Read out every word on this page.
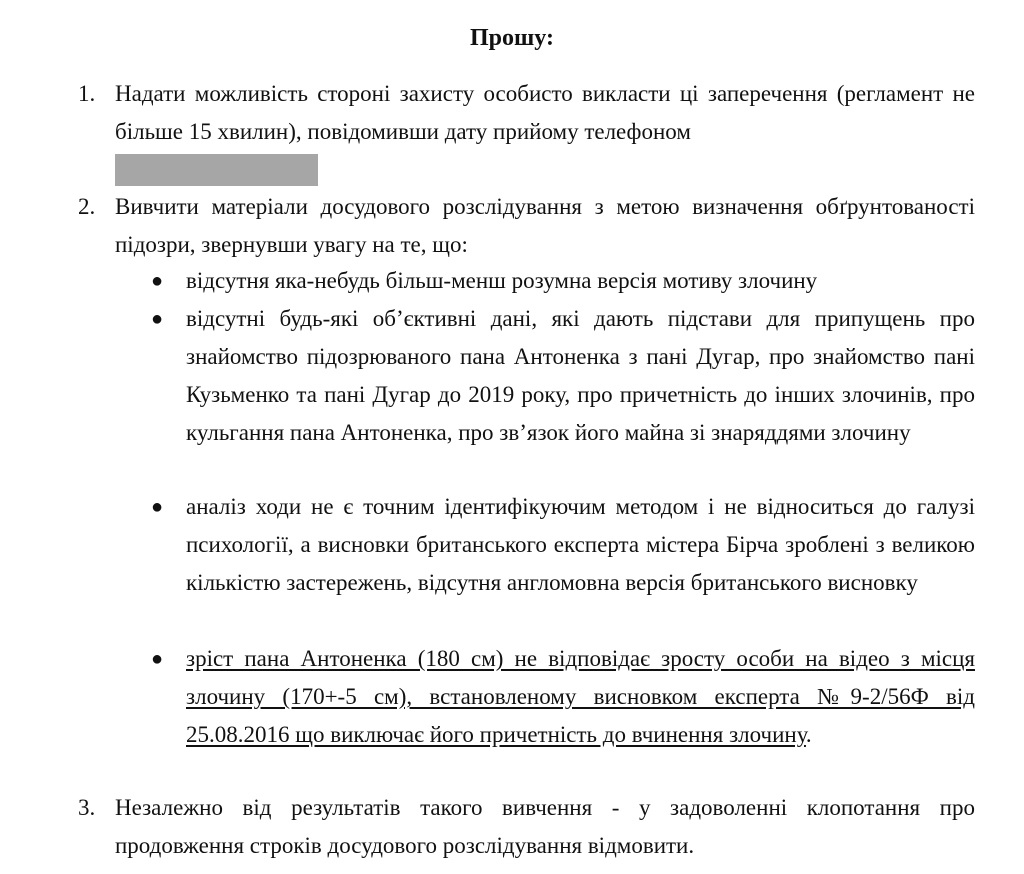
Прошу:
1. Надати можливість стороні захисту особисто викласти ці заперечення (регламент не більше 15 хвилин), повідомивши дату прийому телефоном
2. Вивчити матеріали досудового розслідування з метою визначення обґрунтованості підозри, звернувши увагу на те, що:
● відсутня яка-небудь більш-менш розумна версія мотиву злочину
● відсутні будь-які об’єктивні дані, які дають підстави для припущень про знайомство підозрюваного пана Антоненка з пані Дугар, про знайомство пані Кузьменко та пані Дугар до 2019 року, про причетність до інших злочинів, про кульгання пана Антоненка, про зв’язок його майна зі знаряддями злочину
● аналіз ходи не є точним ідентифікуючим методом і не відноситься до галузі психології, а висновки британського експерта містера Бірча зроблені з великою кількістю застережень, відсутня англомовна версія британського висновку
● зріст пана Антоненка (180 см) не відповідає зросту особи на відео з місця злочину (170+-5 см), встановленому висновком експерта №9-2/56Ф від 25.08.2016 що виключає його причетність до вчинення злочину.
3. Незалежно від результатів такого вивчення - у задоволенні клопотання про продовження строків досудового розслідування відмовити.
